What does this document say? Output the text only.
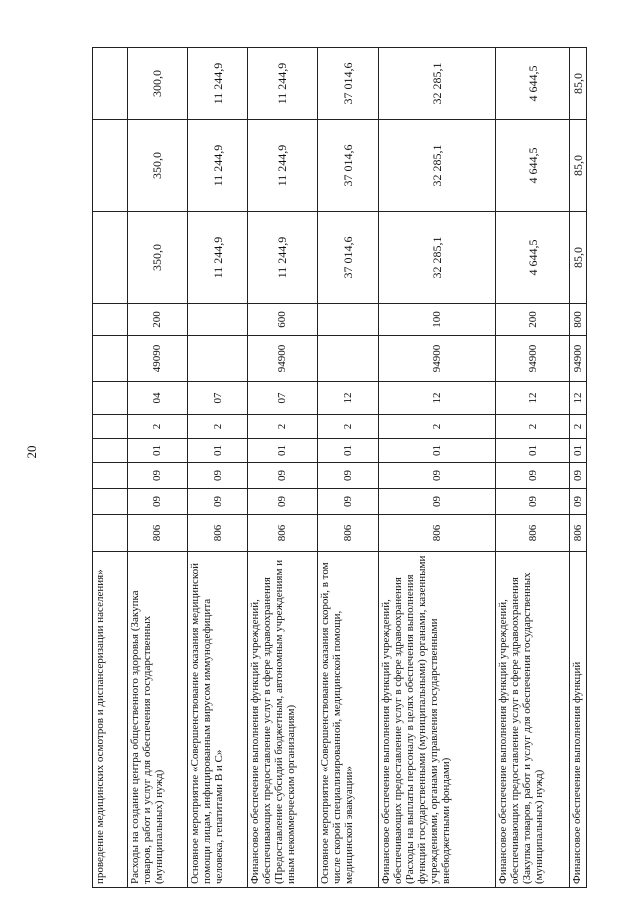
20
проведение медицинских осмотров и диспансеризации населения»											
Расходы на создание центра общественного здоровья (Закупка товаров, работ и услуг для обеспечения государственных (муниципальных) нужд)	806	09	09	01	2	04	49090	200	350,0	350,0	300,0
Основное мероприятие «Совершенствование оказания медицинской помощи лицам, инфицированным вирусом иммунодефицита человека, гепатитами В и С»	806	09	09	01	2	07			11 244,9	11 244,9	11 244,9
Финансовое обеспечение выполнения функций учреждений, обеспечивающих предоставление услуг в сфере здравоохранения (Предоставление субсидий бюджетным, автономным учреждениям и иным некоммерческим организациям)	806	09	09	01	2	07	94900	600	11 244,9	11 244,9	11 244,9
Основное мероприятие «Совершенствование оказания скорой, в том числе скорой специализированной, медицинской помощи, медицинской эвакуации»	806	09	09	01	2	12			37 014,6	37 014,6	37 014,6
Финансовое обеспечение выполнения функций учреждений, обеспечивающих предоставление услуг в сфере здравоохранения (Расходы на выплаты персоналу в целях обеспечения выполнения функций государственными (муниципальными) органами, казенными учреждениями, органами управления государственными внебюджетными фондами)	806	09	09	01	2	12	94900	100	32 285,1	32 285,1	32 285,1
Финансовое обеспечение выполнения функций учреждений, обеспечивающих предоставление услуг в сфере здравоохранения (Закупка товаров, работ и услуг для обеспечения государственных (муниципальных) нужд)	806	09	09	01	2	12	94900	200	4 644,5	4 644,5	4 644,5
Финансовое обеспечение выполнения функций	806	09	09	01	2	12	94900	800	85,0	85,0	85,0
